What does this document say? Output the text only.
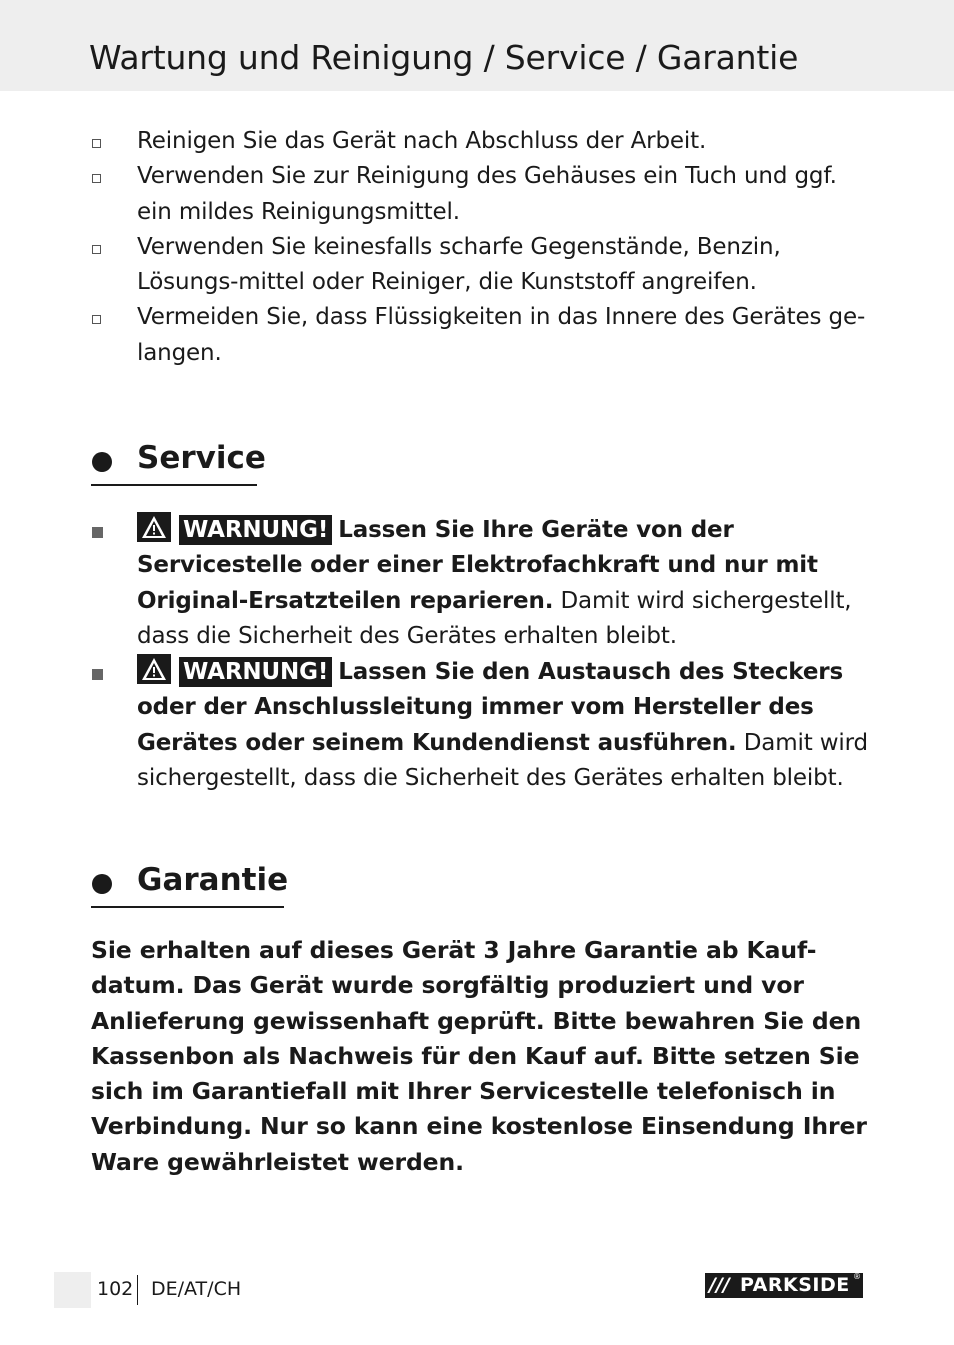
Wartung und Reinigung / Service / Garantie
Reinigen Sie das Gerät nach Abschluss der Arbeit.
Verwenden Sie zur Reinigung des Gehäuses ein Tuch und ggf. ein mildes Reinigungsmittel.
Verwenden Sie keinesfalls scharfe Gegenstände, Benzin, Lösungs-mittel oder Reiniger, die Kunststoff angreifen.
Vermeiden Sie, dass Flüssigkeiten in das Innere des Gerätes ge-langen.
Service
WARNUNG! Lassen Sie Ihre Geräte von der Servicestelle oder einer Elektrofachkraft und nur mit Original-Ersatzteilen reparieren. Damit wird sichergestellt, dass die Sicherheit des Gerätes erhalten bleibt.
WARNUNG! Lassen Sie den Austausch des Steckers oder der Anschlussleitung immer vom Hersteller des Gerätes oder seinem Kundendienst ausführen. Damit wird sichergestellt, dass die Sicherheit des Gerätes erhalten bleibt.
Garantie
Sie erhalten auf dieses Gerät 3 Jahre Garantie ab Kauf-datum. Das Gerät wurde sorgfältig produziert und vor Anlieferung gewissenhaft geprüft. Bitte bewahren Sie den Kassenbon als Nachweis für den Kauf auf. Bitte setzen Sie sich im Garantiefall mit Ihrer Servicestelle telefonisch in Verbindung. Nur so kann eine kostenlose Einsendung Ihrer Ware gewährleistet werden.
102 DE/AT/CH	/// PARKSIDE ®
